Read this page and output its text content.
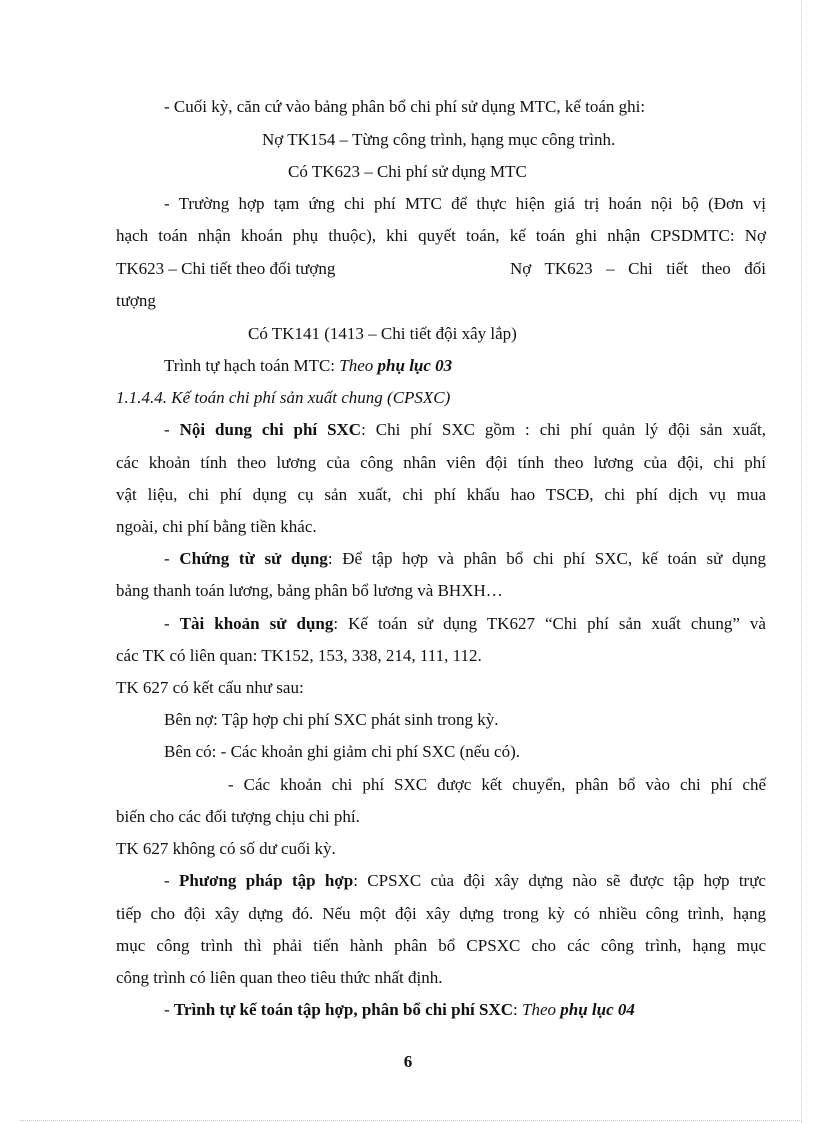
- Cuối kỳ, căn cứ vào bảng phân bổ chi phí sử dụng MTC, kế toán ghi:
Nợ TK154 – Từng công trình, hạng mục công trình.
Có TK623 – Chi phí sử dụng MTC
- Trường hợp tạm ứng chi phí MTC để thực hiện giá trị hoán nội bộ (Đơn vị
hạch toán nhận khoán phụ thuộc), khi quyết toán, kế toán ghi nhận CPSDMTC: Nợ
TK623 – Chi tiết theo đối tượng	Nợ TK623 – Chi tiết theo đối
tượng
Có TK141 (1413 – Chi tiết đội xây lắp)
Trình tự hạch toán MTC: Theo phụ lục 03
1.1.4.4. Kế toán chi phí sản xuất chung (CPSXC)
- Nội dung chi phí SXC: Chi phí SXC gồm : chi phí quản lý đội sản xuất,
các khoản tính theo lương của công nhân viên đội tính theo lương của đội, chi phí
vật liệu, chi phí dụng cụ sản xuất, chi phí khấu hao TSCĐ, chi phí dịch vụ mua
ngoài, chi phí bằng tiền khác.
- Chứng từ sử dụng: Để tập hợp và phân bổ chi phí SXC, kế toán sử dụng
bảng thanh toán lương, bảng phân bổ lương và BHXH…
- Tài khoản sử dụng: Kế toán sử dụng TK627 “Chi phí sản xuất chung” và
các TK có liên quan: TK152, 153, 338, 214, 111, 112.
TK 627 có kết cấu như sau:
Bên nợ: Tập hợp chi phí SXC phát sinh trong kỳ.
Bên có: - Các khoản ghi giảm chi phí SXC (nếu có).
- Các khoản chi phí SXC được kết chuyển, phân bổ vào chi phí chế
biến cho các đối tượng chịu chi phí.
TK 627 không có số dư cuối kỳ.
- Phương pháp tập hợp: CPSXC của đội xây dựng nào sẽ được tập hợp trực
tiếp cho đội xây dựng đó. Nếu một đội xây dựng trong kỳ có nhiều công trình, hạng
mục công trình thì phải tiến hành phân bổ CPSXC cho các công trình, hạng mục
công trình có liên quan theo tiêu thức nhất định.
- Trình tự kế toán tập hợp, phân bổ chi phí SXC: Theo phụ lục 04
6
